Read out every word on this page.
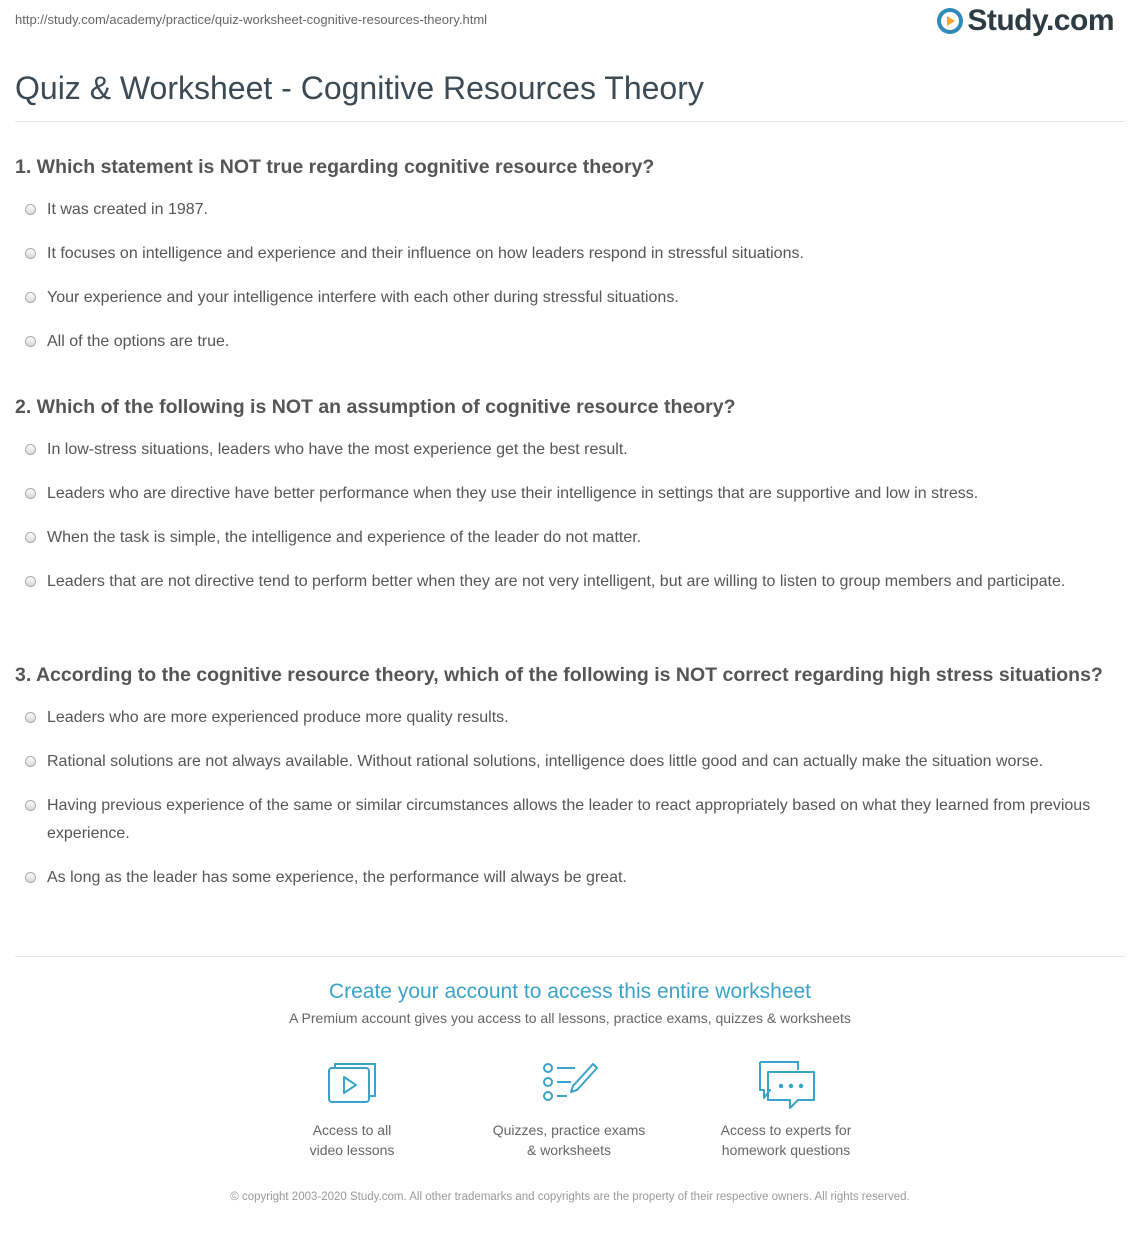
http://study.com/academy/practice/quiz-worksheet-cognitive-resources-theory.html	Study.com
Quiz & Worksheet - Cognitive Resources Theory
1. Which statement is NOT true regarding cognitive resource theory?
It was created in 1987.
It focuses on intelligence and experience and their influence on how leaders respond in stressful situations.
Your experience and your intelligence interfere with each other during stressful situations.
All of the options are true.
2. Which of the following is NOT an assumption of cognitive resource theory?
In low-stress situations, leaders who have the most experience get the best result.
Leaders who are directive have better performance when they use their intelligence in settings that are supportive and low in stress.
When the task is simple, the intelligence and experience of the leader do not matter.
Leaders that are not directive tend to perform better when they are not very intelligent, but are willing to listen to group members and participate.
3. According to the cognitive resource theory, which of the following is NOT correct regarding high stress situations?
Leaders who are more experienced produce more quality results.
Rational solutions are not always available. Without rational solutions, intelligence does little good and can actually make the situation worse.
Having previous experience of the same or similar circumstances allows the leader to react appropriately based on what they learned from previous experience.
As long as the leader has some experience, the performance will always be great.
Create your account to access this entire worksheet
A Premium account gives you access to all lessons, practice exams, quizzes & worksheets
Access to all
video lessons
Quizzes, practice exams
& worksheets
Access to experts for
homework questions
© copyright 2003-2020 Study.com. All other trademarks and copyrights are the property of their respective owners. All rights reserved.
